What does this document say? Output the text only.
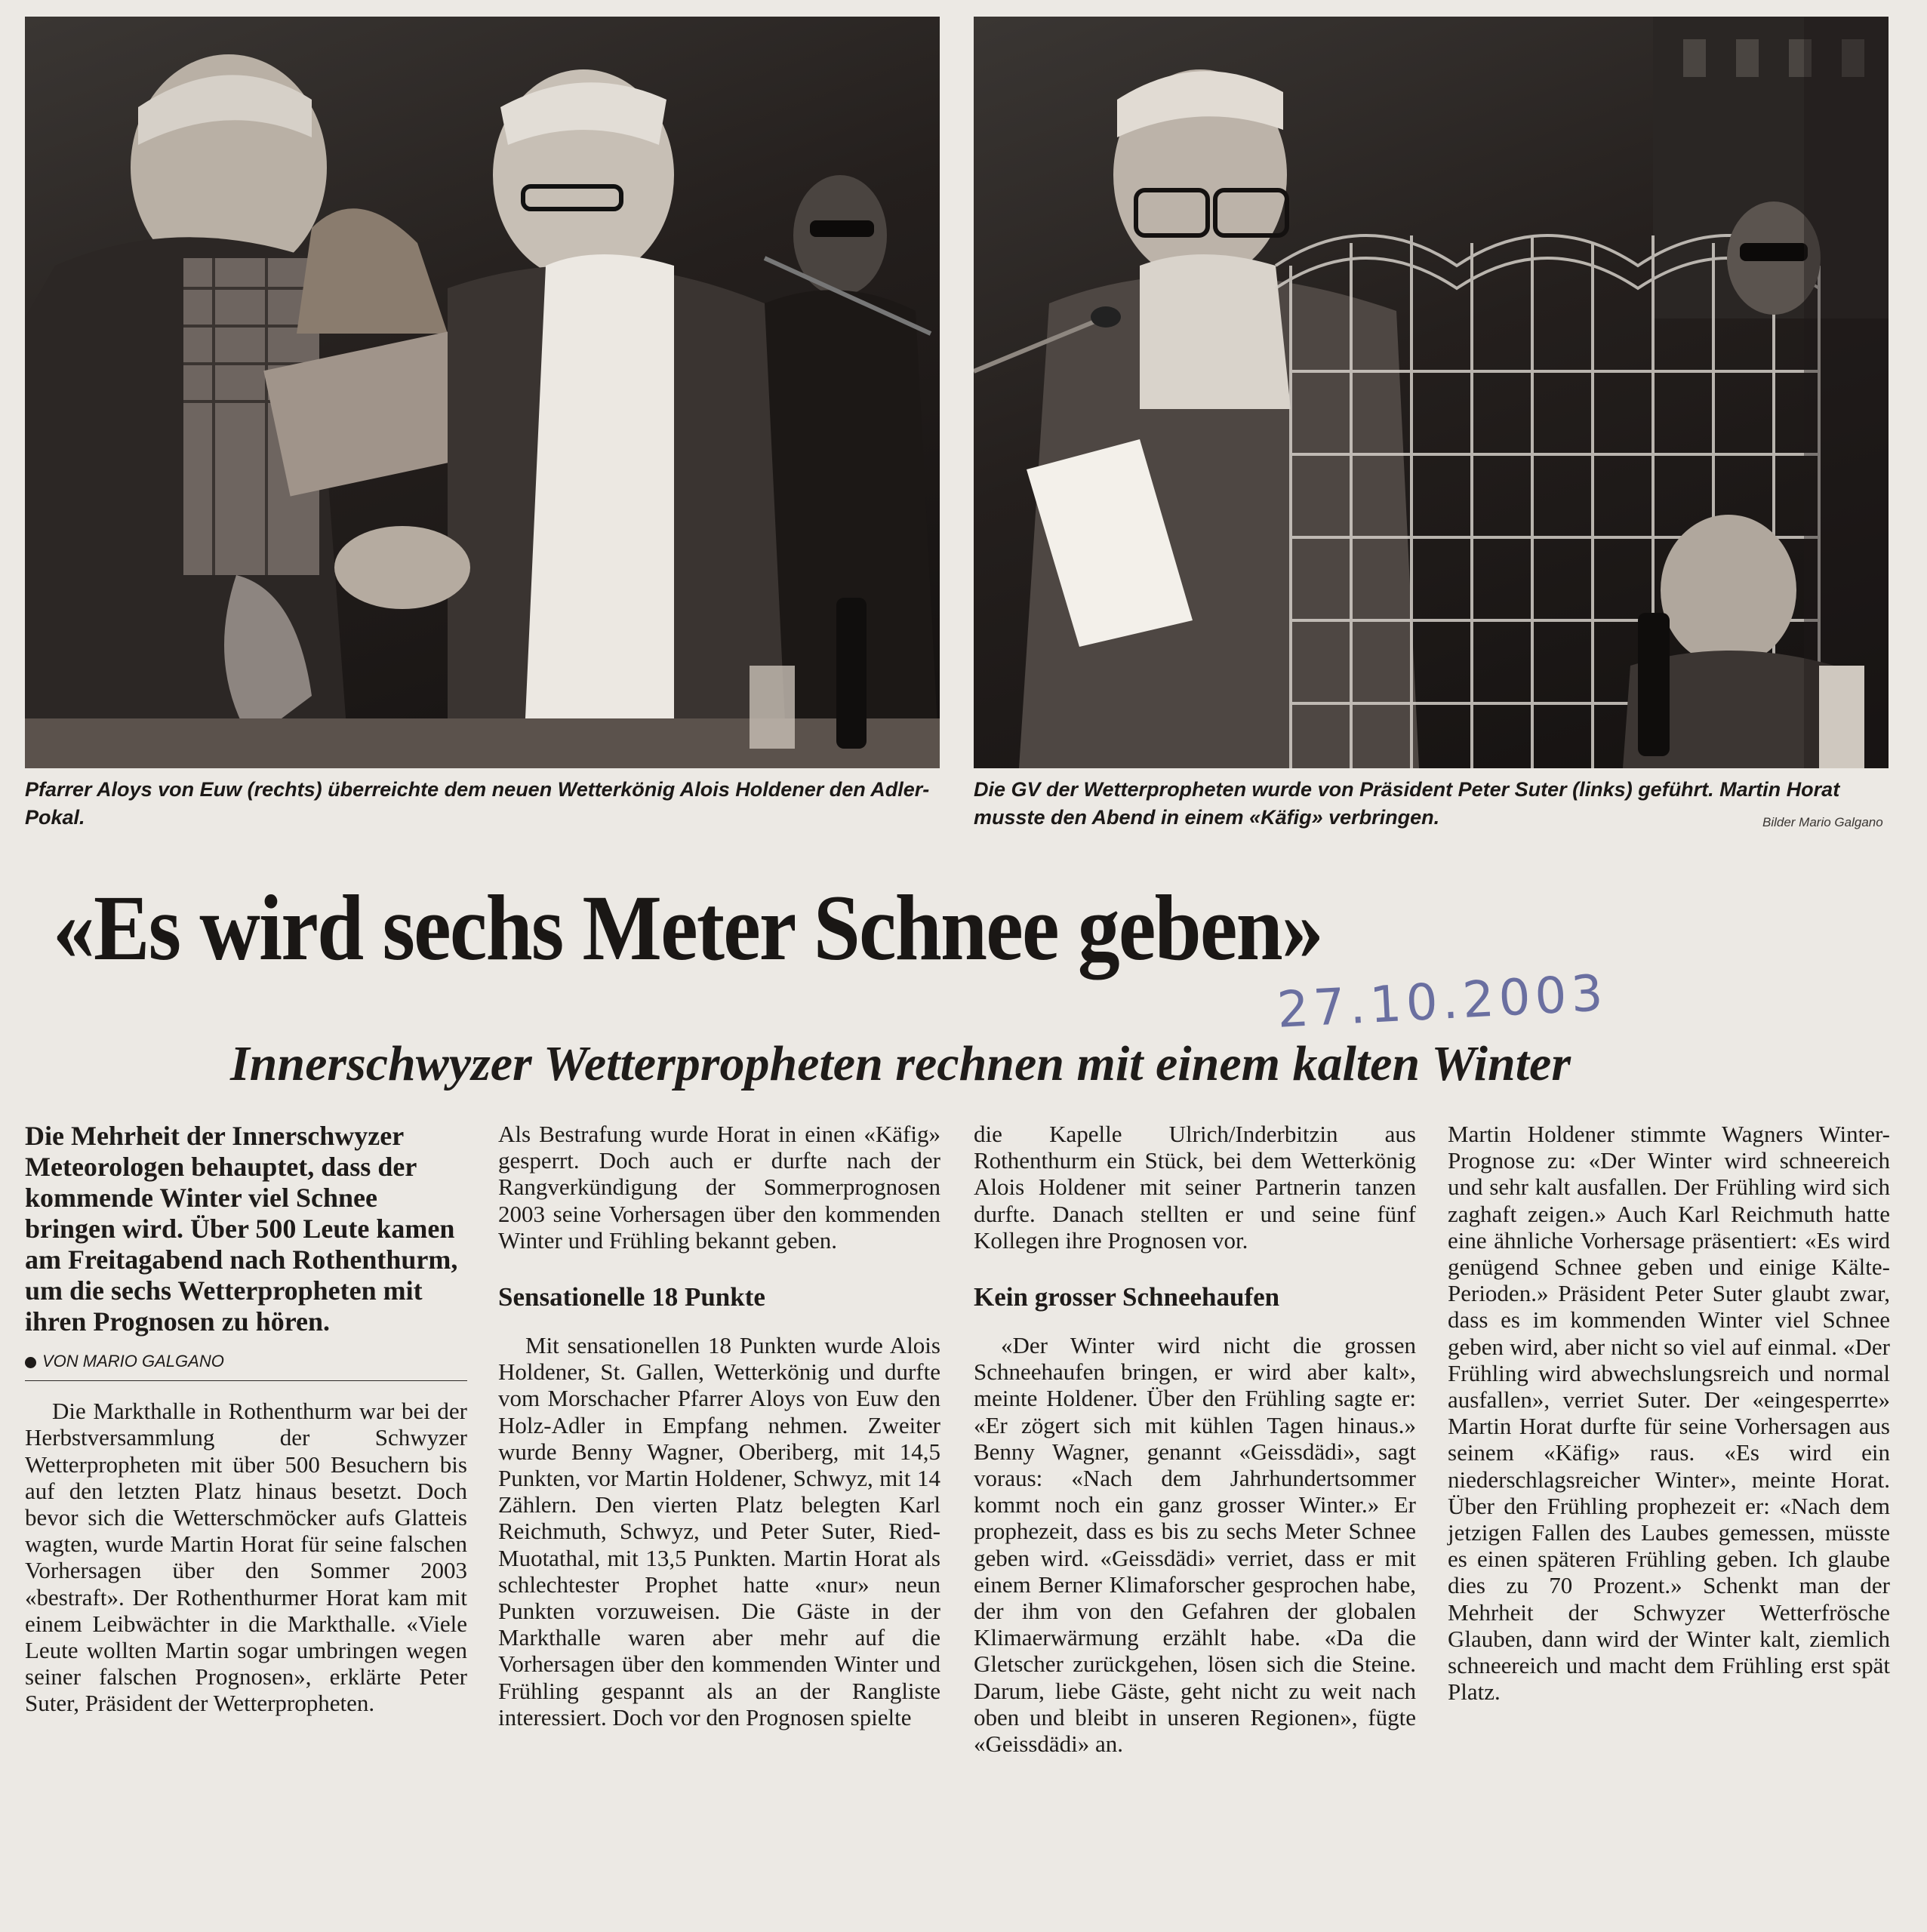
Pfarrer Aloys von Euw (rechts) überreichte dem neuen Wetterkönig Alois Holdener den Adler-Pokal.
Die GV der Wetterpropheten wurde von Präsident Peter Suter (links) geführt. Martin Horat musste den Abend in einem «Käfig» verbringen.	Bilder Mario Galgano
«Es wird sechs Meter Schnee geben»
27.10.2003
Innerschwyzer Wetterpropheten rechnen mit einem kalten Winter

Die Mehrheit der Innerschwyzer Meteorologen behauptet, dass der kommende Winter viel Schnee bringen wird. Über 500 Leute kamen am Freitagabend nach Rothenthurm, um die sechs Wetterpropheten mit ihren Prognosen zu hören.

VON MARIO GALGANO

Die Markthalle in Rothenthurm war bei der Herbstversammlung der Schwyzer Wetterpropheten mit über 500 Besuchern bis auf den letzten Platz hinaus besetzt. Doch bevor sich die Wetterschmöcker aufs Glatteis wagten, wurde Martin Horat für seine falschen Vorhersagen über den Sommer 2003 «bestraft». Der Rothenthurmer Horat kam mit einem Leibwächter in die Markthalle. «Viele Leute wollten Martin sogar umbringen wegen seiner falschen Prognosen», erklärte Peter Suter, Präsident der Wetterpropheten.

Als Bestrafung wurde Horat in einen «Käfig» gesperrt. Doch auch er durfte nach der Rangverkündigung der Sommerprognosen 2003 seine Vorhersagen über den kommenden Winter und Frühling bekannt geben.

Sensationelle 18 Punkte

Mit sensationellen 18 Punkten wurde Alois Holdener, St. Gallen, Wetterkönig und durfte vom Morschacher Pfarrer Aloys von Euw den Holz-Adler in Empfang nehmen. Zweiter wurde Benny Wagner, Oberiberg, mit 14,5 Punkten, vor Martin Holdener, Schwyz, mit 14 Zählern. Den vierten Platz belegten Karl Reichmuth, Schwyz, und Peter Suter, Ried-Muotathal, mit 13,5 Punkten. Martin Horat als schlechtester Prophet hatte «nur» neun Punkten vorzuweisen. Die Gäste in der Markthalle waren aber mehr auf die Vorhersagen über den kommenden Winter und Frühling gespannt als an der Rangliste interessiert. Doch vor den Prognosen spielte

die Kapelle Ulrich/Inderbitzin aus Rothenthurm ein Stück, bei dem Wetterkönig Alois Holdener mit seiner Partnerin tanzen durfte. Danach stellten er und seine fünf Kollegen ihre Prognosen vor.

Kein grosser Schneehaufen

«Der Winter wird nicht die grossen Schneehaufen bringen, er wird aber kalt», meinte Holdener. Über den Frühling sagte er: «Er zögert sich mit kühlen Tagen hinaus.» Benny Wagner, genannt «Geissdädi», sagt voraus: «Nach dem Jahrhundertsommer kommt noch ein ganz grosser Winter.» Er prophezeit, dass es bis zu sechs Meter Schnee geben wird. «Geissdädi» verriet, dass er mit einem Berner Klimaforscher gesprochen habe, der ihm von den Gefahren der globalen Klimaerwärmung erzählt habe. «Da die Gletscher zurückgehen, lösen sich die Steine. Darum, liebe Gäste, geht nicht zu weit nach oben und bleibt in unseren Regionen», fügte «Geissdädi» an.

Martin Holdener stimmte Wagners Winter-Prognose zu: «Der Winter wird schneereich und sehr kalt ausfallen. Der Frühling wird sich zaghaft zeigen.» Auch Karl Reichmuth hatte eine ähnliche Vorhersage präsentiert: «Es wird genügend Schnee geben und einige Kälte-Perioden.» Präsident Peter Suter glaubt zwar, dass es im kommenden Winter viel Schnee geben wird, aber nicht so viel auf einmal. «Der Frühling wird abwechslungsreich und normal ausfallen», verriet Suter. Der «eingesperrte» Martin Horat durfte für seine Vorhersagen aus seinem «Käfig» raus. «Es wird ein niederschlagsreicher Winter», meinte Horat. Über den Frühling prophezeit er: «Nach dem jetzigen Fallen des Laubes gemessen, müsste es einen späteren Frühling geben. Ich glaube dies zu 70 Prozent.» Schenkt man der Mehrheit der Schwyzer Wetterfrösche Glauben, dann wird der Winter kalt, ziemlich schneereich und macht dem Frühling erst spät Platz.
